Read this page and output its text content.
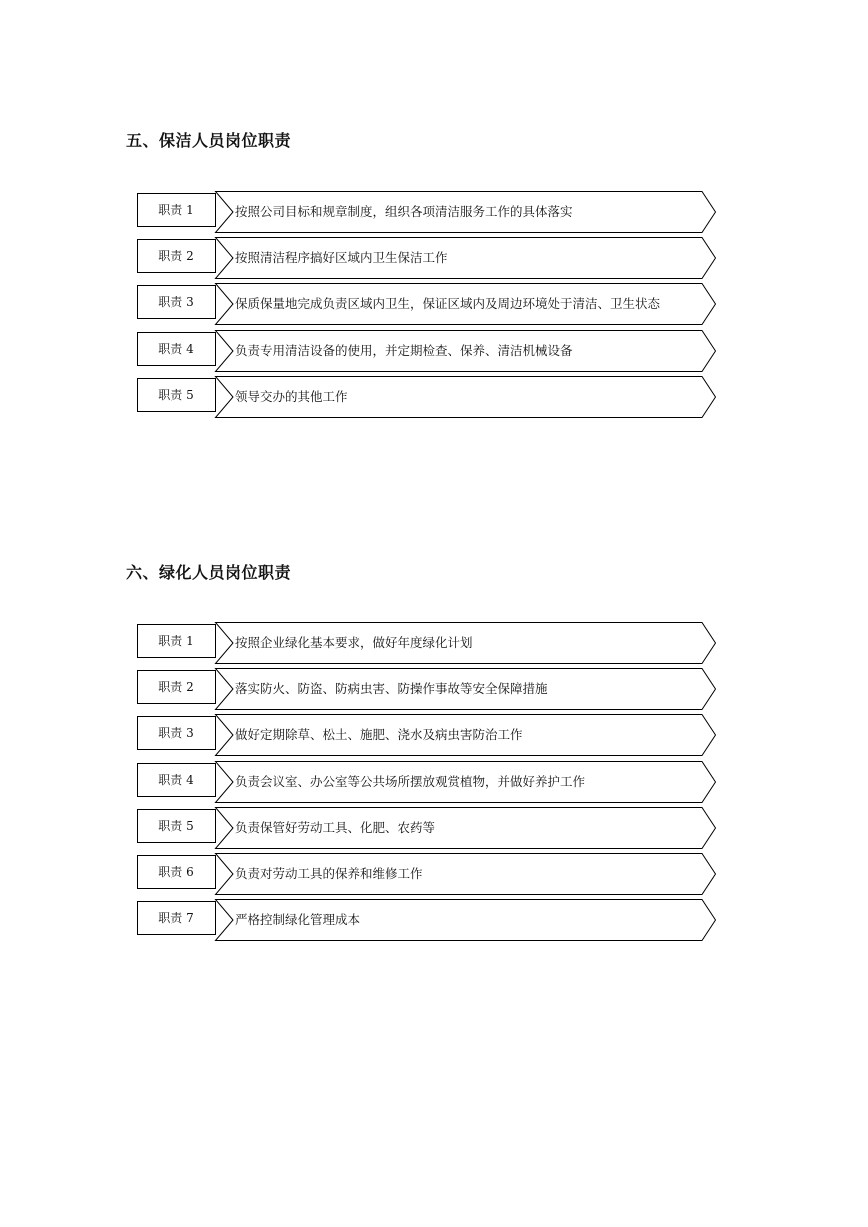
五、保洁人员岗位职责
职责 1	按照公司目标和规章制度，组织各项清洁服务工作的具体落实
职责 2	按照清洁程序搞好区域内卫生保洁工作
职责 3	保质保量地完成负责区域内卫生，保证区域内及周边环境处于清洁、卫生状态
职责 4	负责专用清洁设备的使用，并定期检查、保养、清洁机械设备
职责 5	领导交办的其他工作
六、绿化人员岗位职责
职责 1	按照企业绿化基本要求，做好年度绿化计划
职责 2	落实防火、防盗、防病虫害、防操作事故等安全保障措施
职责 3	做好定期除草、松土、施肥、浇水及病虫害防治工作
职责 4	负责会议室、办公室等公共场所摆放观赏植物，并做好养护工作
职责 5	负责保管好劳动工具、化肥、农药等
职责 6	负责对劳动工具的保养和维修工作
职责 7	严格控制绿化管理成本
